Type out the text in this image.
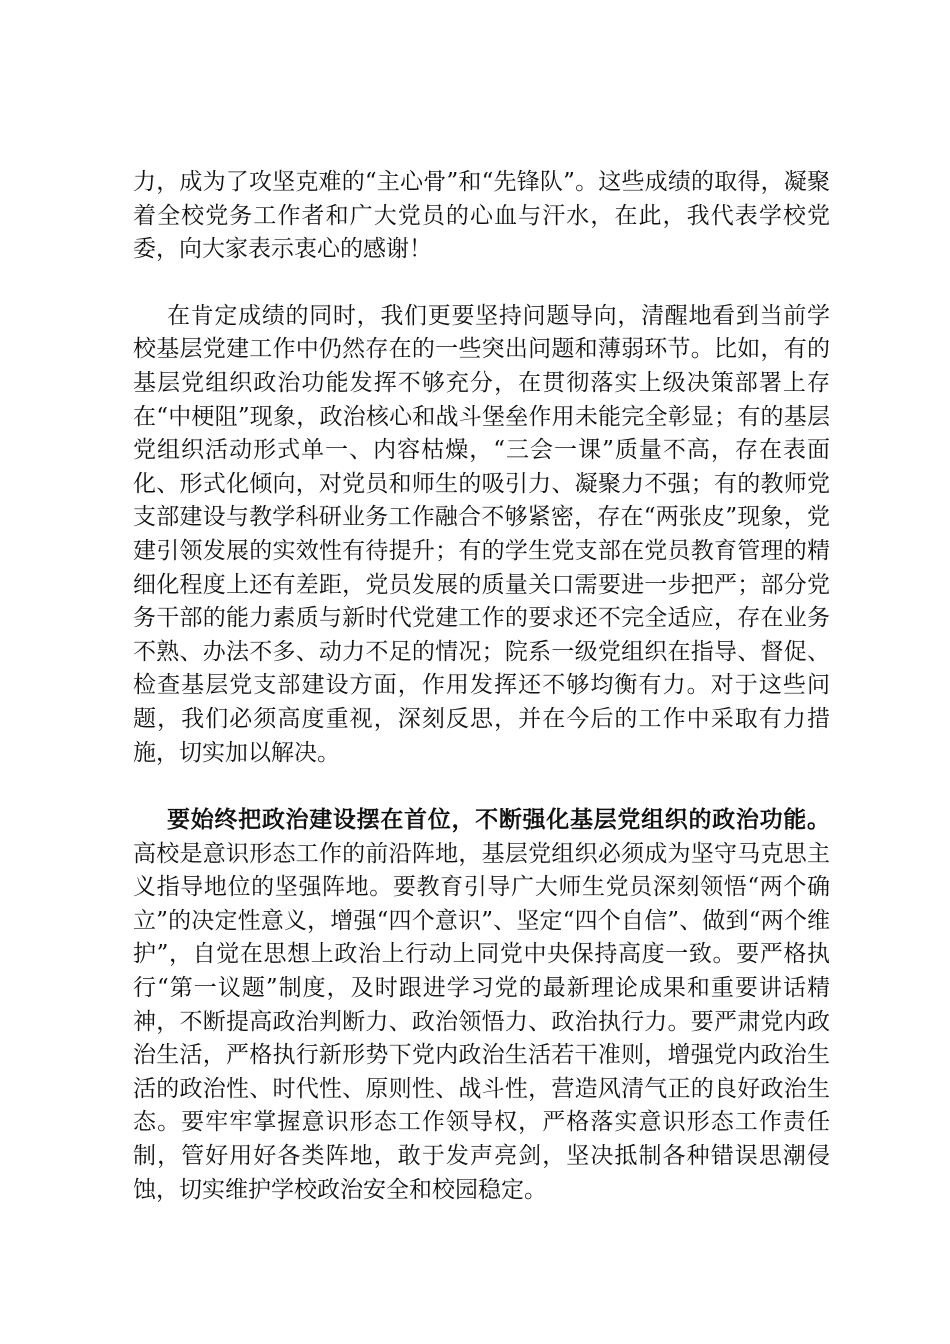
力，成为了攻坚克难的“主心骨”和“先锋队”。这些成绩的取得，凝聚着全校党务工作者和广大党员的心血与汗水，在此，我代表学校党委，向大家表示衷心的感谢！

在肯定成绩的同时，我们更要坚持问题导向，清醒地看到当前学校基层党建工作中仍然存在的一些突出问题和薄弱环节。比如，有的基层党组织政治功能发挥不够充分，在贯彻落实上级决策部署上存在“中梗阻”现象，政治核心和战斗堡垒作用未能完全彰显；有的基层党组织活动形式单一、内容枯燥，“三会一课”质量不高，存在表面化、形式化倾向，对党员和师生的吸引力、凝聚力不强；有的教师党支部建设与教学科研业务工作融合不够紧密，存在“两张皮”现象，党建引领发展的实效性有待提升；有的学生党支部在党员教育管理的精细化程度上还有差距，党员发展的质量关口需要进一步把严；部分党务干部的能力素质与新时代党建工作的要求还不完全适应，存在业务不熟、办法不多、动力不足的情况；院系一级党组织在指导、督促、检查基层党支部建设方面，作用发挥还不够均衡有力。对于这些问题，我们必须高度重视，深刻反思，并在今后的工作中采取有力措施，切实加以解决。

要始终把政治建设摆在首位，不断强化基层党组织的政治功能。 高校是意识形态工作的前沿阵地，基层党组织必须成为坚守马克思主义指导地位的坚强阵地。要教育引导广大师生党员深刻领悟“两个确立”的决定性意义，增强“四个意识”、坚定“四个自信”、做到“两个维护”，自觉在思想上政治上行动上同党中央保持高度一致。要严格执行“第一议题”制度，及时跟进学习党的最新理论成果和重要讲话精神，不断提高政治判断力、政治领悟力、政治执行力。要严肃党内政治生活，严格执行新形势下党内政治生活若干准则，增强党内政治生活的政治性、时代性、原则性、战斗性，营造风清气正的良好政治生态。要牢牢掌握意识形态工作领导权，严格落实意识形态工作责任制，管好用好各类阵地，敢于发声亮剑，坚决抵制各种错误思潮侵蚀，切实维护学校政治安全和校园稳定。
